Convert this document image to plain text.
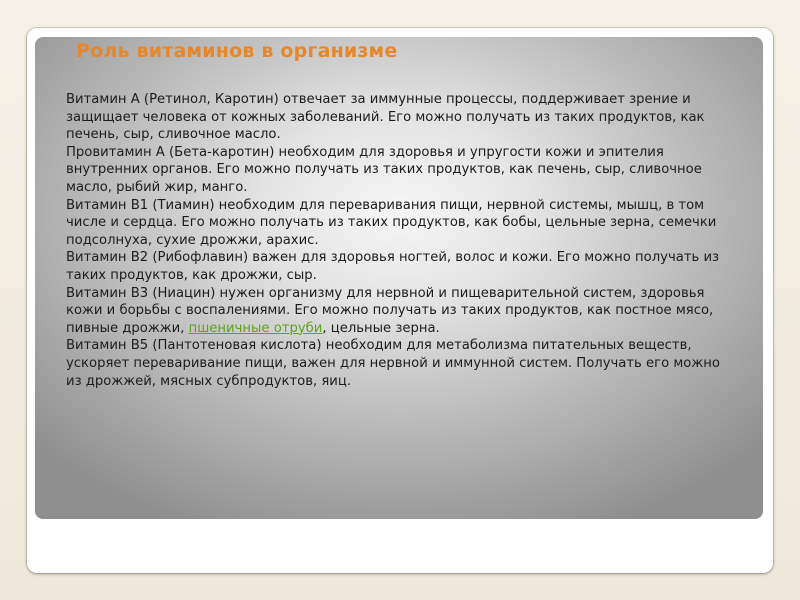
Роль витаминов в организме

Витамин А (Ретинол, Каротин) отвечает за иммунные процессы, поддерживает зрение и защищает человека от кожных заболеваний. Его можно получать из таких продуктов, как печень, сыр, сливочное масло.

Провитамин А (Бета-каротин) необходим для здоровья и упругости кожи и эпителия внутренних органов. Его можно получать из таких продуктов, как печень, сыр, сливочное масло, рыбий жир, манго.

Витамин В1 (Тиамин) необходим для переваривания пищи, нервной системы, мышц, в том числе и сердца. Его можно получать из таких продуктов, как бобы, цельные зерна, семечки подсолнуха, сухие дрожжи, арахис.

Витамин В2 (Рибофлавин) важен для здоровья ногтей, волос и кожи. Его можно получать из таких продуктов, как дрожжи, сыр.

Витамин В3 (Ниацин) нужен организму для нервной и пищеварительной систем, здоровья кожи и борьбы с воспалениями. Его можно получать из таких продуктов, как постное мясо, пивные дрожжи, пшеничные отруби, цельные зерна.

Витамин В5 (Пантотеновая кислота) необходим для метаболизма питательных веществ, ускоряет переваривание пищи, важен для нервной и иммунной систем. Получать его можно из дрожжей, мясных субпродуктов, яиц.
